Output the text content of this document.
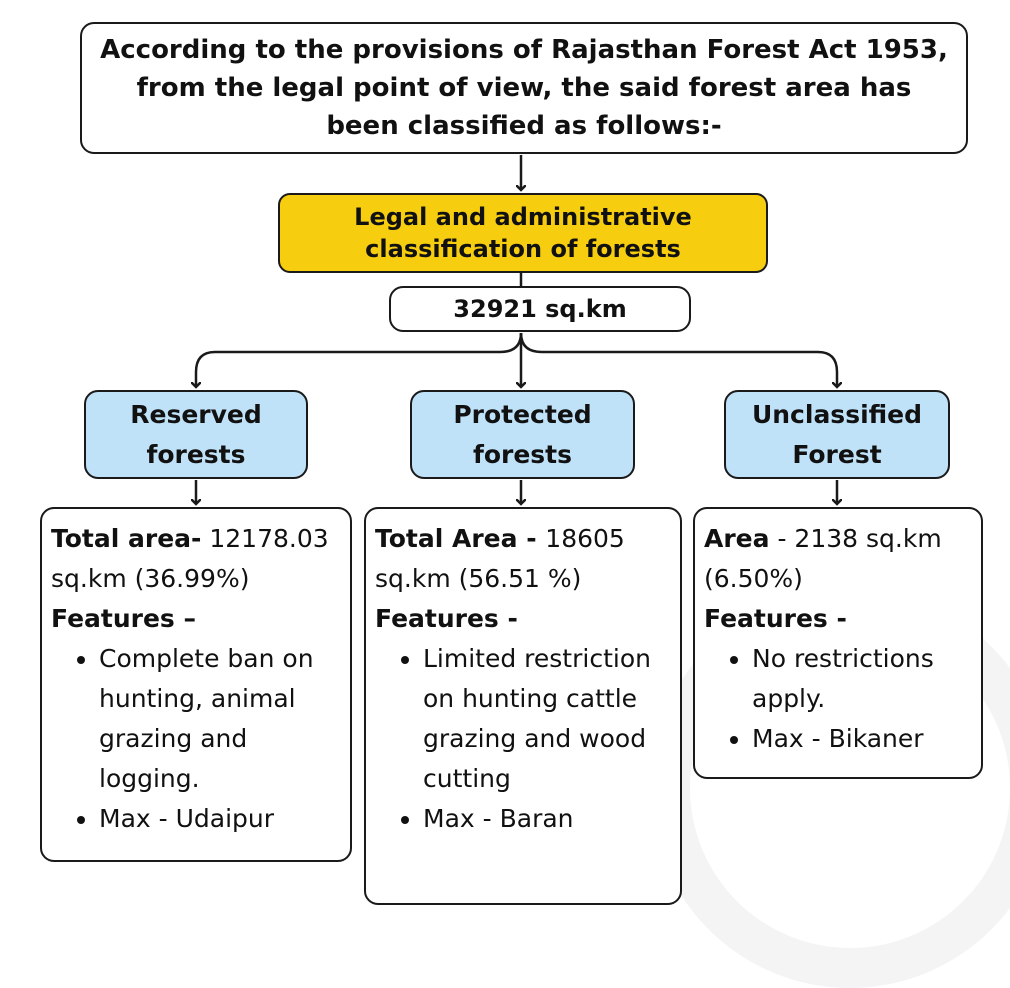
According to the provisions of Rajasthan Forest Act 1953, from the legal point of view, the said forest area has been classified as follows:-
Legal and administrative classification of forests
32921 sq.km
Reserved
forests
Protected
forests
Unclassified
Forest

Total area- 12178.03 sq.km (36.99%)

Features –

• Complete ban on hunting, animal grazing and logging.
• Max - Udaipur

Total Area - 18605 sq.km (56.51 %)

Features -

• Limited restriction on hunting cattle grazing and wood cutting
• Max - Baran

Area - 2138 sq.km (6.50%)

Features -

• No restrictions apply.
• Max - Bikaner
